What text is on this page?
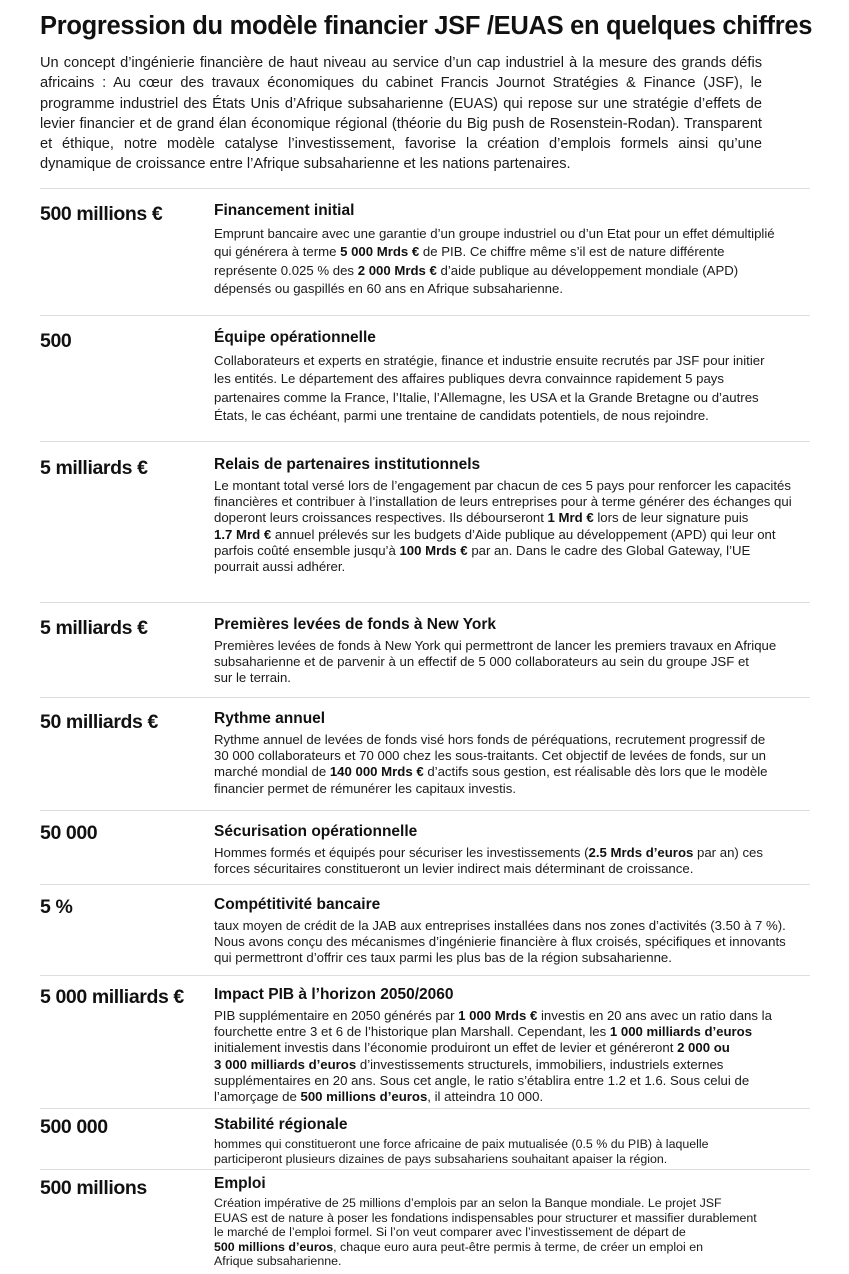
Progression du modèle financier JSF /EUAS en quelques chiffres
Un concept d’ingénierie financière de haut niveau au service d’un cap industriel à la mesure des grands défis africains : Au cœur des travaux économiques du cabinet Francis Journot Stratégies & Finance (JSF), le programme industriel des États Unis d’Afrique subsaharienne (EUAS) qui repose sur une stratégie d’effets de levier financier et de grand élan économique régional (théorie du Big push de Rosenstein-Rodan). Transparent et éthique, notre modèle catalyse l’investissement, favorise la création d’emplois formels ainsi qu’une dynamique de croissance entre l’Afrique subsaharienne et les nations partenaires.
500 millions €	Financement initial
Emprunt bancaire avec une garantie d’un groupe industriel ou d’un Etat pour un effet démultiplié
qui générera à terme 5 000 Mrds € de PIB. Ce chiffre même s’il est de nature différente
représente 0.025 % des 2 000 Mrds € d’aide publique au développement mondiale (APD)
dépensés ou gaspillés en 60 ans en Afrique subsaharienne.
500	Équipe opérationnelle
Collaborateurs et experts en stratégie, finance et industrie ensuite recrutés par JSF pour initier
les entités. Le département des affaires publiques devra convainnce rapidement 5 pays
partenaires comme la France, l’Italie, l’Allemagne, les USA et la Grande Bretagne ou d’autres
États, le cas échéant, parmi une trentaine de candidats potentiels, de nous rejoindre.
5 milliards €	Relais de partenaires institutionnels
Le montant total versé lors de l’engagement par chacun de ces 5 pays pour renforcer les capacités
financières et contribuer à l’installation de leurs entreprises pour à terme générer des échanges qui
doperont leurs croissances respectives. Ils débourseront 1 Mrd € lors de leur signature puis
1.7 Mrd € annuel prélevés sur les budgets d’Aide publique au développement (APD) qui leur ont
parfois coûté ensemble jusqu’à 100 Mrds € par an. Dans le cadre des Global Gateway, l’UE
pourrait aussi adhérer.
5 milliards €	Premières levées de fonds à New York
Premières levées de fonds à New York qui permettront de lancer les premiers travaux en Afrique
subsaharienne et de parvenir à un effectif de 5 000 collaborateurs au sein du groupe JSF et
sur le terrain.
50 milliards €	Rythme annuel
Rythme annuel de levées de fonds visé hors fonds de péréquations, recrutement progressif de
30 000 collaborateurs et 70 000 chez les sous-traitants. Cet objectif de levées de fonds, sur un
marché mondial de 140 000 Mrds € d’actifs sous gestion, est réalisable dès lors que le modèle
financier permet de rémunérer les capitaux investis.
50 000	Sécurisation opérationnelle
Hommes formés et équipés pour sécuriser les investissements (2.5 Mrds d’euros par an) ces
forces sécuritaires constitueront un levier indirect mais déterminant de croissance.
5 %	Compétitivité bancaire
taux moyen de crédit de la JAB aux entreprises installées dans nos zones d’activités (3.50 à 7 %).
Nous avons conçu des mécanismes d’ingénierie financière à flux croisés, spécifiques et innovants
qui permettront d’offrir ces taux parmi les plus bas de la région subsaharienne.
5 000 milliards €	Impact PIB à l’horizon 2050/2060
PIB supplémentaire en 2050 générés par 1 000 Mrds € investis en 20 ans avec un ratio dans la
fourchette entre 3 et 6 de l’historique plan Marshall. Cependant, les 1 000 milliards d’euros
initialement investis dans l’économie produiront un effet de levier et généreront 2 000 ou
3 000 milliards d’euros d’investissements structurels, immobiliers, industriels externes
supplémentaires en 20 ans. Sous cet angle, le ratio s’établira entre 1.2 et 1.6. Sous celui de
l’amorçage de 500 millions d’euros, il atteindra 10 000.
500 000	Stabilité régionale
hommes qui constitueront une force africaine de paix mutualisée (0.5 % du PIB) à laquelle
participeront plusieurs dizaines de pays subsahariens souhaitant apaiser la région.
500 millions	Emploi
Création impérative de 25 millions d’emplois par an selon la Banque mondiale. Le projet JSF
EUAS est de nature à poser les fondations indispensables pour structurer et massifier durablement
le marché de l’emploi formel. Si l’on veut comparer avec l’investissement de départ de
500 millions d’euros, chaque euro aura peut-être permis à terme, de créer un emploi en
Afrique subsaharienne.
